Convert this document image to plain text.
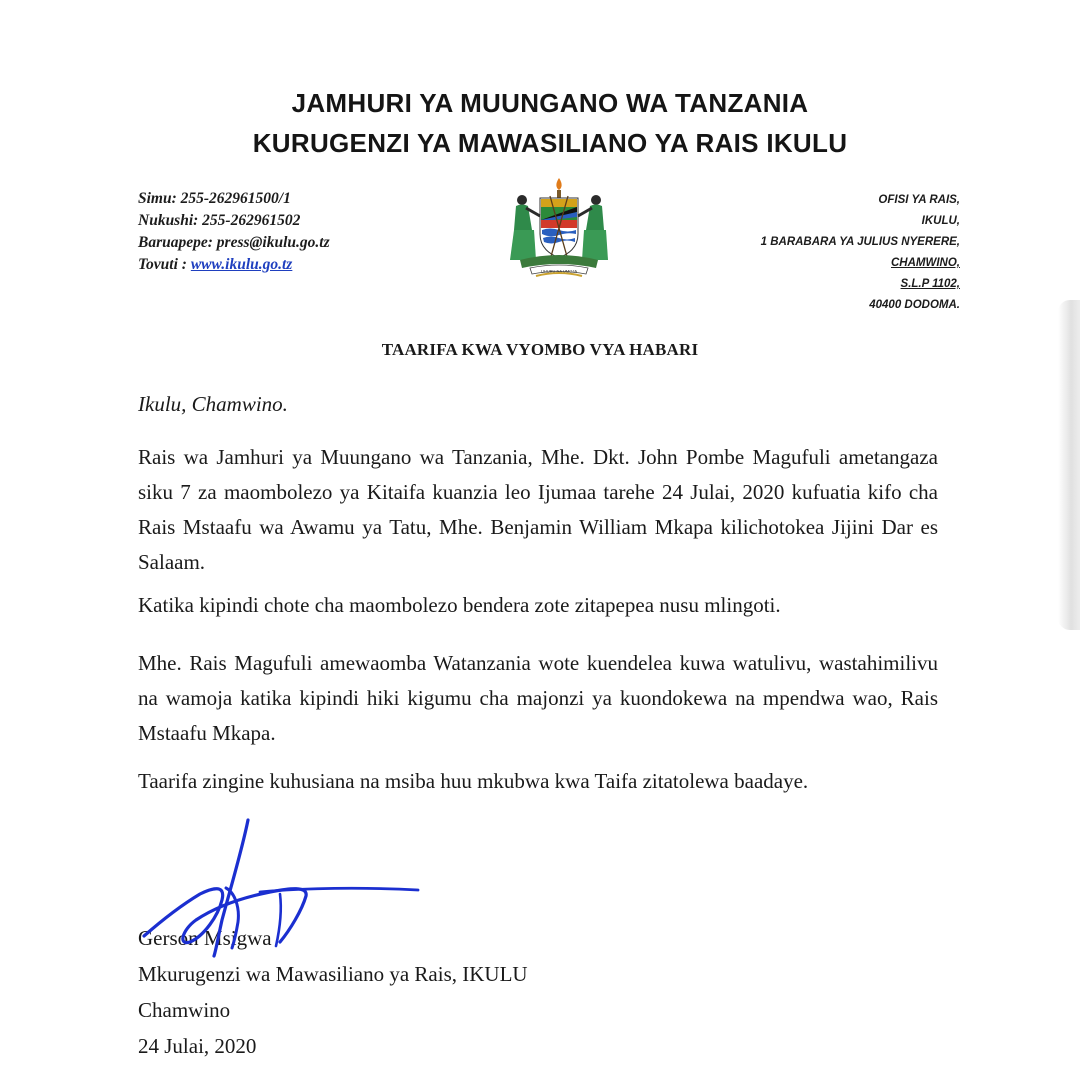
JAMHURI YA MUUNGANO WA TANZANIA
KURUGENZI YA MAWASILIANO YA RAIS IKULU
Simu: 255-262961500/1
Nukushi: 255-262961502
Baruapepe: press@ikulu.go.tz
Tovuti : www.ikulu.go.tz	UHURU NA UMOJA
OFISI YA RAIS,
IKULU,
1 BARABARA YA JULIUS NYERERE,
CHAMWINO,
S.L.P 1102,
40400 DODOMA.
TAARIFA KWA VYOMBO VYA HABARI
Ikulu, Chamwino.
Rais wa Jamhuri ya Muungano wa Tanzania, Mhe. Dkt. John Pombe Magufuli ametangaza siku 7 za maombolezo ya Kitaifa kuanzia leo Ijumaa tarehe 24 Julai, 2020 kufuatia kifo cha Rais Mstaafu wa Awamu ya Tatu, Mhe. Benjamin William Mkapa kilichotokea Jijini Dar es Salaam.
Katika kipindi chote cha maombolezo bendera zote zitapepea nusu mlingoti.
Mhe. Rais Magufuli amewaomba Watanzania wote kuendelea kuwa watulivu, wastahimilivu na wamoja katika kipindi hiki kigumu cha majonzi ya kuondokewa na mpendwa wao, Rais Mstaafu Mkapa.
Taarifa zingine kuhusiana na msiba huu mkubwa kwa Taifa zitatolewa baadaye.
Gerson Msigwa
Mkurugenzi wa Mawasiliano ya Rais, IKULU
Chamwino
24 Julai, 2020
